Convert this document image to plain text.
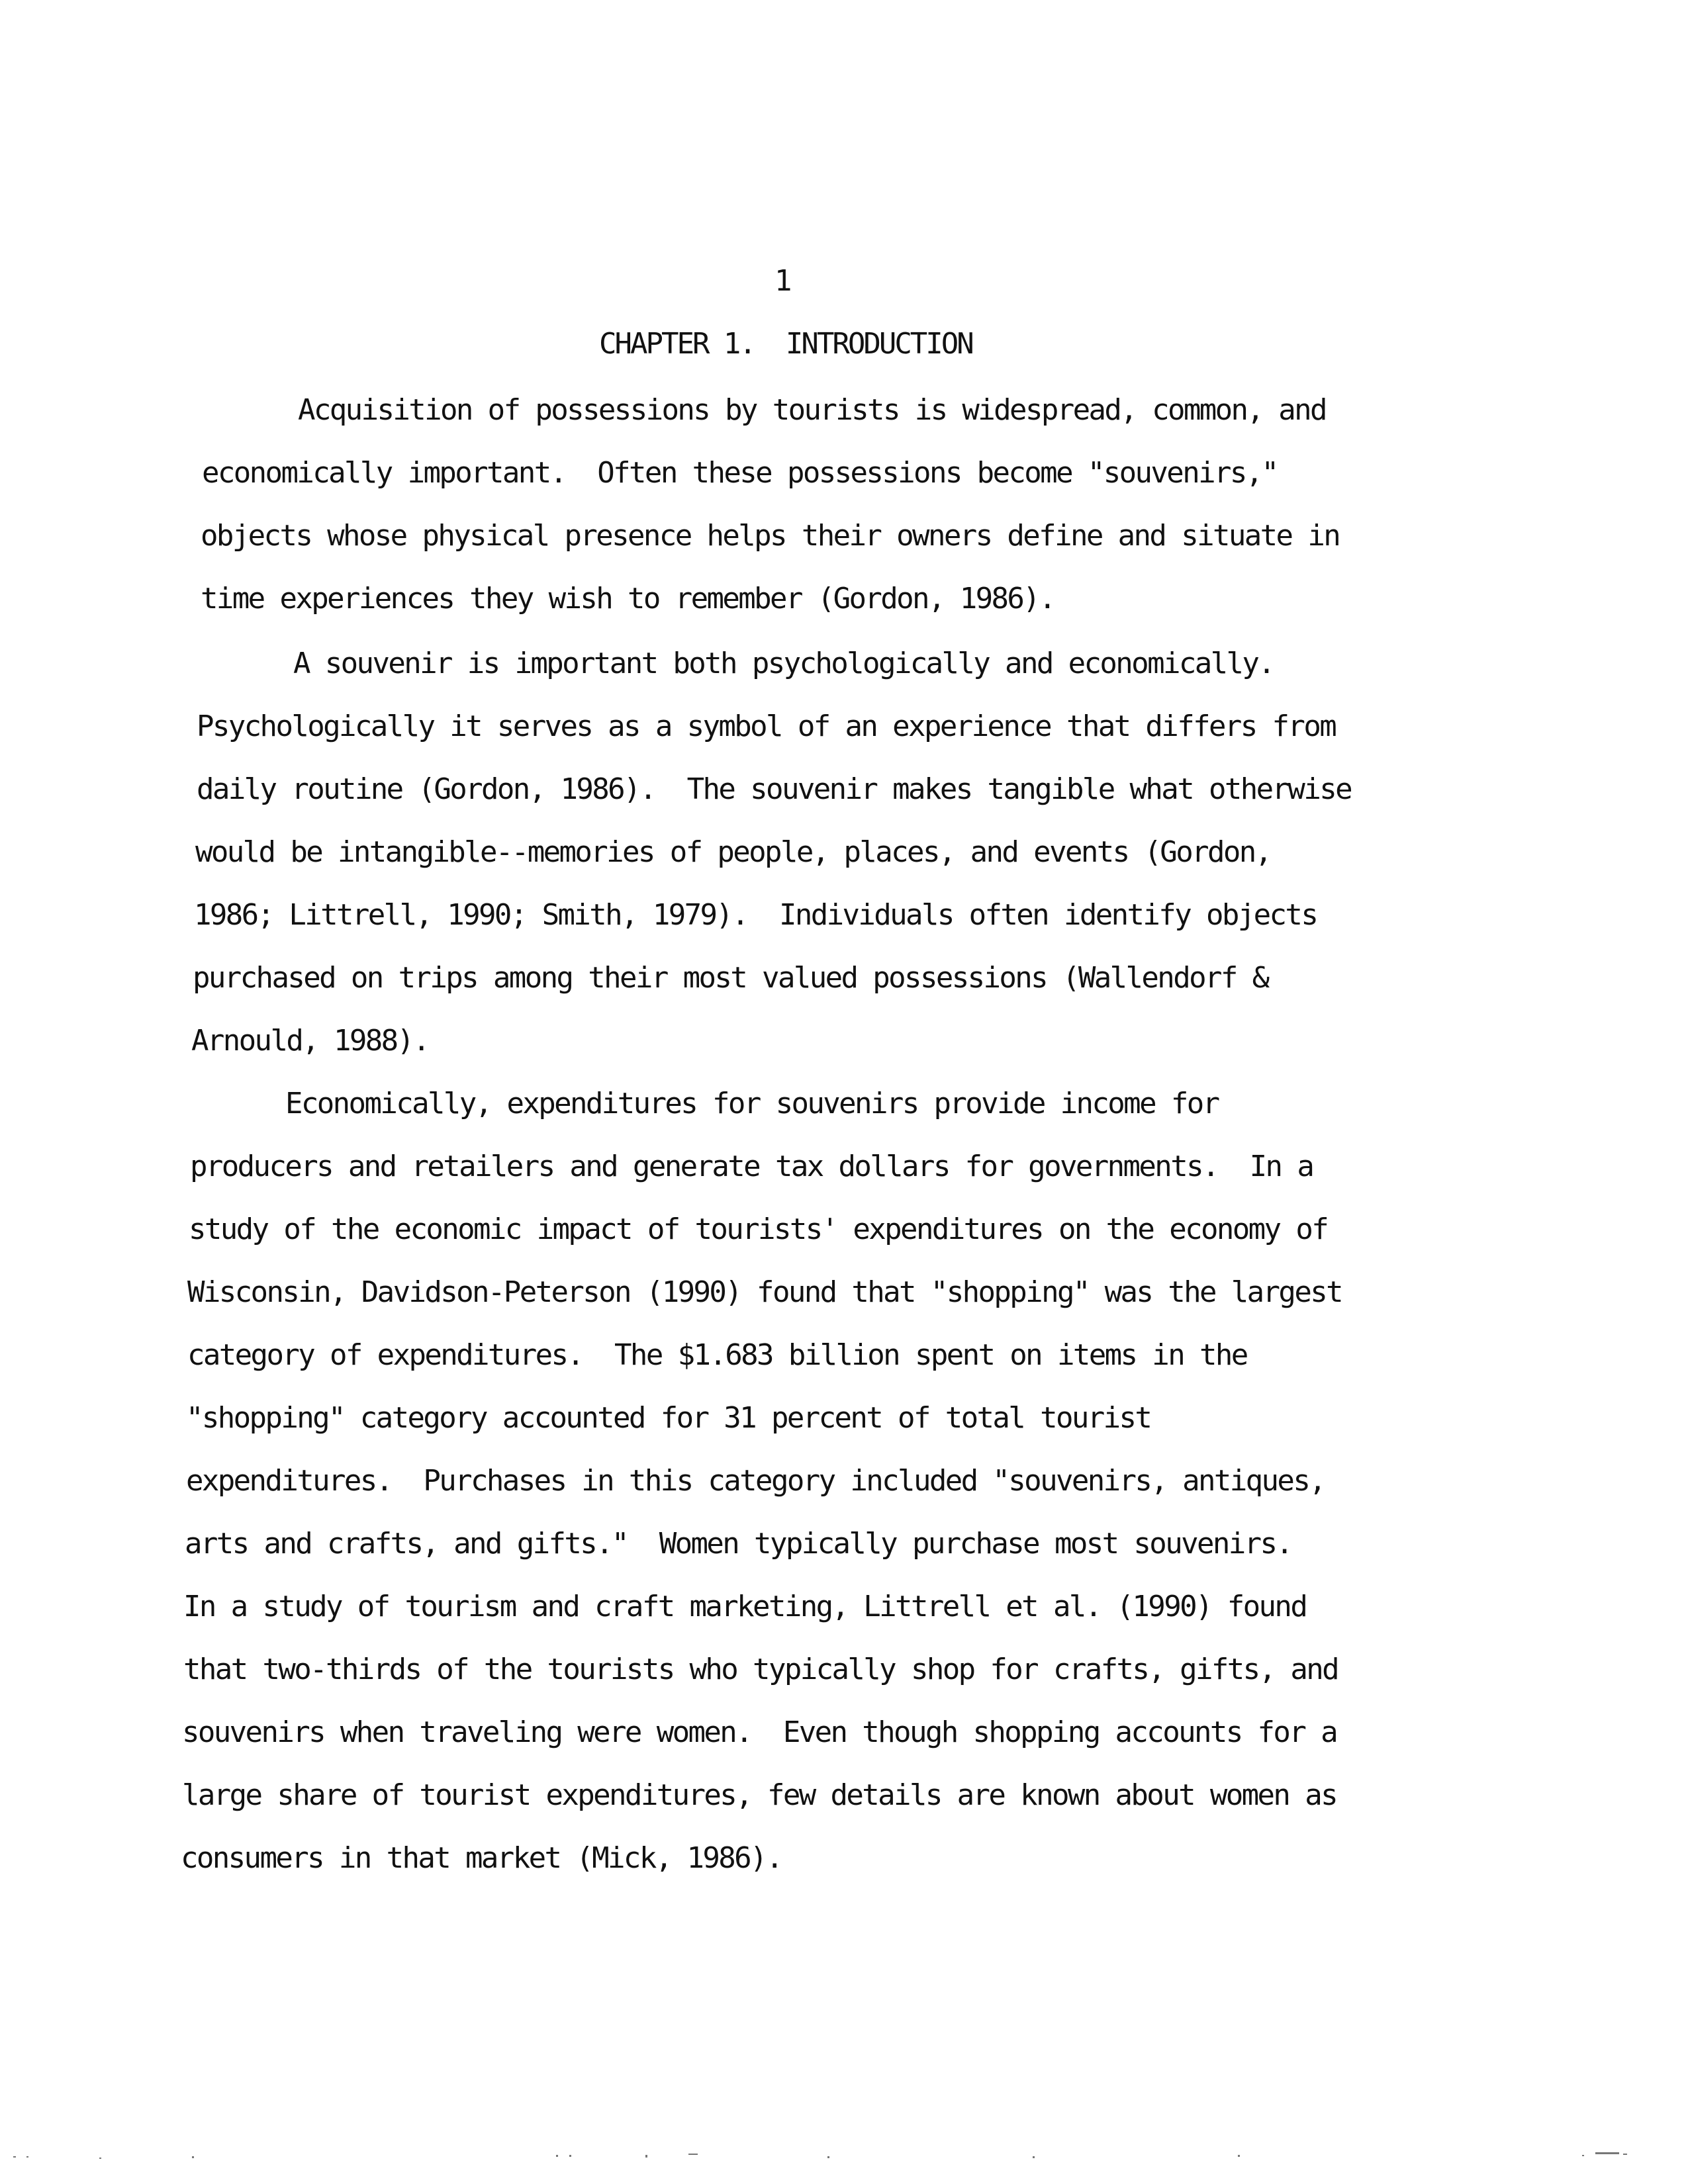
1
CHAPTER 1.  INTRODUCTION
Acquisition of possessions by tourists is widespread, common, and
economically important.  Often these possessions become "souvenirs,"
objects whose physical presence helps their owners define and situate in
time experiences they wish to remember (Gordon, 1986).
A souvenir is important both psychologically and economically.
Psychologically it serves as a symbol of an experience that differs from
daily routine (Gordon, 1986).  The souvenir makes tangible what otherwise
would be intangible--memories of people, places, and events (Gordon,
1986; Littrell, 1990; Smith, 1979).  Individuals often identify objects
purchased on trips among their most valued possessions (Wallendorf &
Arnould, 1988).
Economically, expenditures for souvenirs provide income for
producers and retailers and generate tax dollars for governments.  In a
study of the economic impact of tourists' expenditures on the economy of
Wisconsin, Davidson-Peterson (1990) found that "shopping" was the largest
category of expenditures.  The $1.683 billion spent on items in the
"shopping" category accounted for 31 percent of total tourist
expenditures.  Purchases in this category included "souvenirs, antiques,
arts and crafts, and gifts."  Women typically purchase most souvenirs.
In a study of tourism and craft marketing, Littrell et al. (1990) found
that two-thirds of the tourists who typically shop for crafts, gifts, and
souvenirs when traveling were women.  Even though shopping accounts for a
large share of tourist expenditures, few details are known about women as
consumers in that market (Mick, 1986).
